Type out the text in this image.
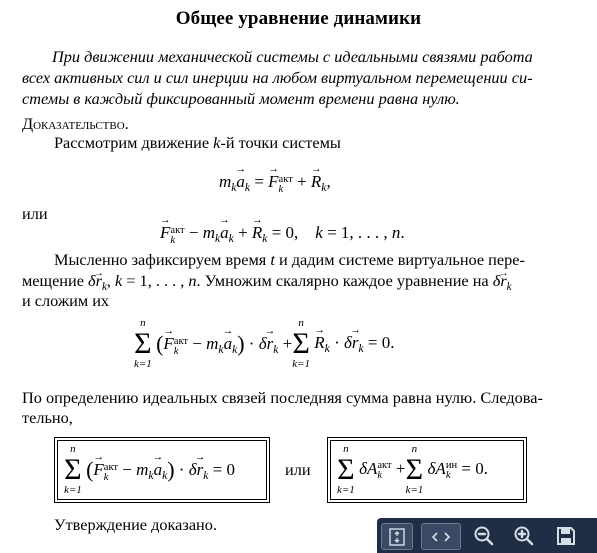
Общее уравнение динамики
При движении механической системы с идеальными связями работа
всех активных сил и сил инерции на любом виртуальном перемещении си-
стемы в каждый фиксированный момент времени равна нулю.
Доказательство.
Рассмотрим движение k-й точки системы
$m_k\to a_k$ = → F акт
k + → $R_k$,
или
→ F акт
$k - m_k\to a_k$ + → $R_k = 0$,    k = 1, . . . , n.
Мысленно зафиксируем время t и дадим системе виртуальное пере-
мещение $\delta\to r_k$, k = 1, . . . , n. Умножим скалярно каждое уравнение на $\delta\to r_k$
и сложим их
n
Σ
k=1
(→ F акт
$k - m_k\to a_k) \cdot \delta\to r_k$ +
n
Σ
k=1
→ $R_k \cdot \delta\to r_k = 0$.
По определению идеальных связей последняя сумма равна нулю. Следова-
тельно,
n
Σ
k=1
(→ F акт
$k - m_k\to a_k) \cdot \delta\to r_k = 0$	или
n
Σ
k=1
δA акт
k +
n
Σ
k=1
δA ин
k = 0.
Утверждение доказано.
